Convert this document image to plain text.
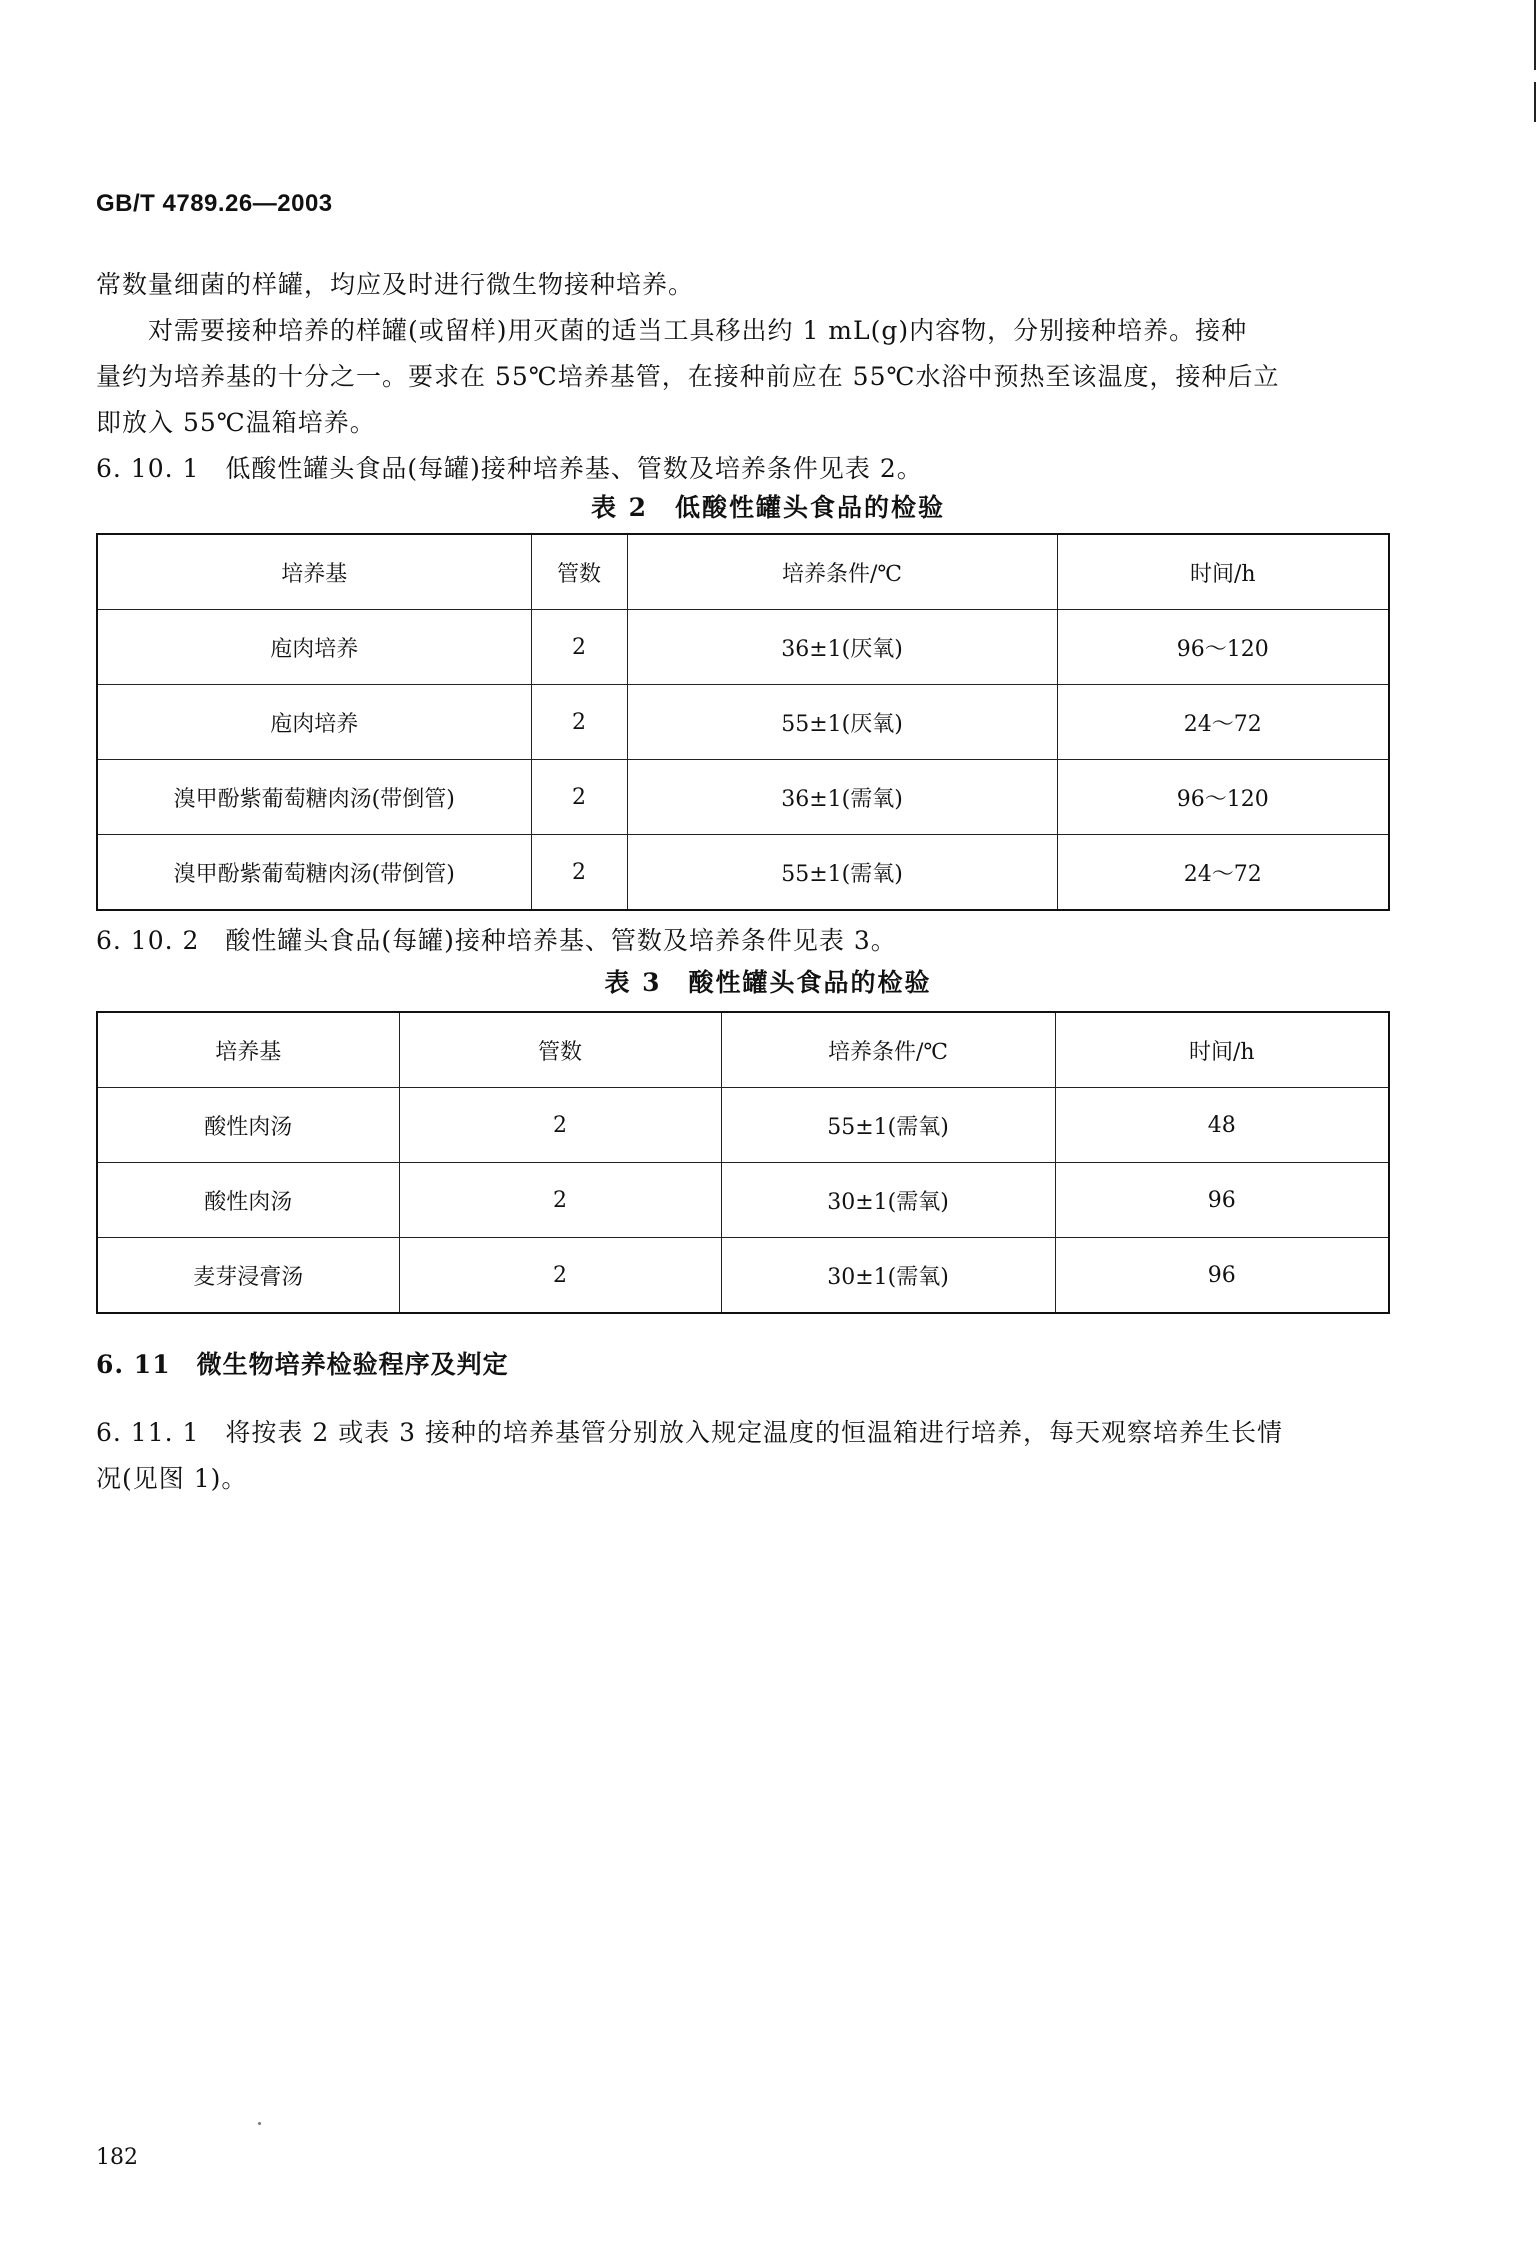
GB/T 4789.26—2003
常数量细菌的样罐，均应及时进行微生物接种培养。
对需要接种培养的样罐(或留样)用灭菌的适当工具移出约 1 mL(g)内容物，分别接种培养。接种
量约为培养基的十分之一。要求在 55℃培养基管，在接种前应在 55℃水浴中预热至该温度，接种后立
即放入 55℃温箱培养。
6. 10. 1　低酸性罐头食品(每罐)接种培养基、管数及培养条件见表 2。
表 2　低酸性罐头食品的检验
培养基	管数	培养条件/℃	时间/h
庖肉培养	2	36±1(厌氧)	96～120
庖肉培养	2	55±1(厌氧)	24～72
溴甲酚紫葡萄糖肉汤(带倒管)	2	36±1(需氧)	96～120
溴甲酚紫葡萄糖肉汤(带倒管)	2	55±1(需氧)	24～72
6. 10. 2　酸性罐头食品(每罐)接种培养基、管数及培养条件见表 3。
表 3　酸性罐头食品的检验
培养基	管数	培养条件/℃	时间/h
酸性肉汤	2	55±1(需氧)	48
酸性肉汤	2	30±1(需氧)	96
麦芽浸膏汤	2	30±1(需氧)	96
6. 11　微生物培养检验程序及判定
6. 11. 1　将按表 2 或表 3 接种的培养基管分别放入规定温度的恒温箱进行培养，每天观察培养生长情
况(见图 1)。
182
